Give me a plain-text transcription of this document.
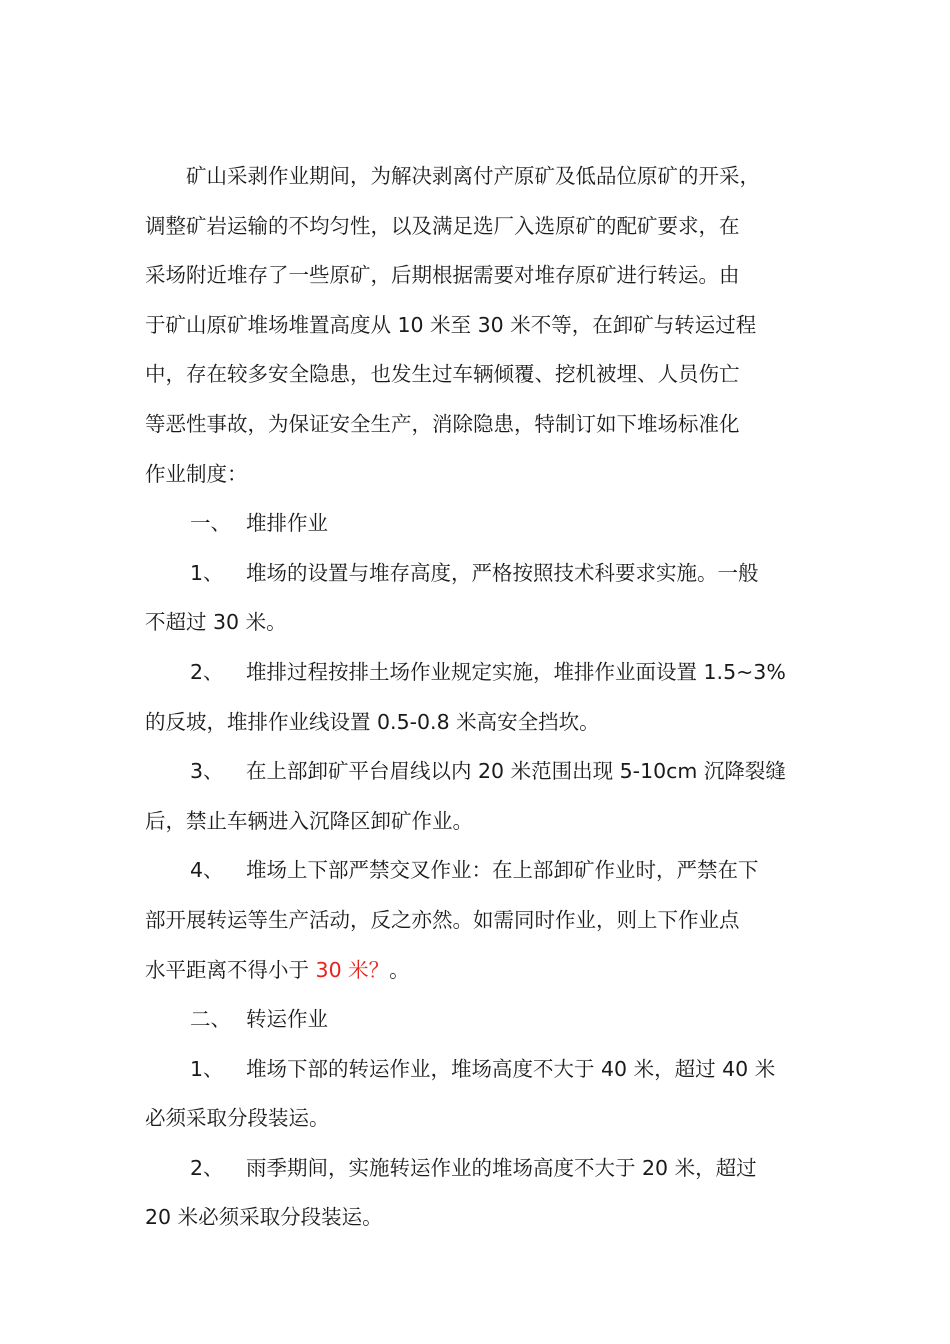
矿山采剥作业期间，为解决剥离付产原矿及低品位原矿的开采，
调整矿岩运输的不均匀性，以及满足选厂入选原矿的配矿要求，在
采场附近堆存了一些原矿，后期根据需要对堆存原矿进行转运。由
于矿山原矿堆场堆置高度从 10 米至 30 米不等，在卸矿与转运过程
中，存在较多安全隐患，也发生过车辆倾覆、挖机被埋、人员伤亡
等恶性事故，为保证安全生产，消除隐患，特制订如下堆场标准化
作业制度：

一、 堆排作业

1、 堆场的设置与堆存高度，严格按照技术科要求实施。一般
不超过 30 米。

2、 堆排过程按排土场作业规定实施，堆排作业面设置 1.5~3%
的反坡，堆排作业线设置 0.5-0.8 米高安全挡坎。

3、 在上部卸矿平台眉线以内 20 米范围出现 5-10cm 沉降裂缝
后，禁止车辆进入沉降区卸矿作业。

4、 堆场上下部严禁交叉作业：在上部卸矿作业时，严禁在下
部开展转运等生产活动，反之亦然。如需同时作业，则上下作业点
水平距离不得小于 30 米？。

二、 转运作业

1、 堆场下部的转运作业，堆场高度不大于 40 米，超过 40 米
必须采取分段装运。

2、 雨季期间，实施转运作业的堆场高度不大于 20 米，超过
20 米必须采取分段装运。
